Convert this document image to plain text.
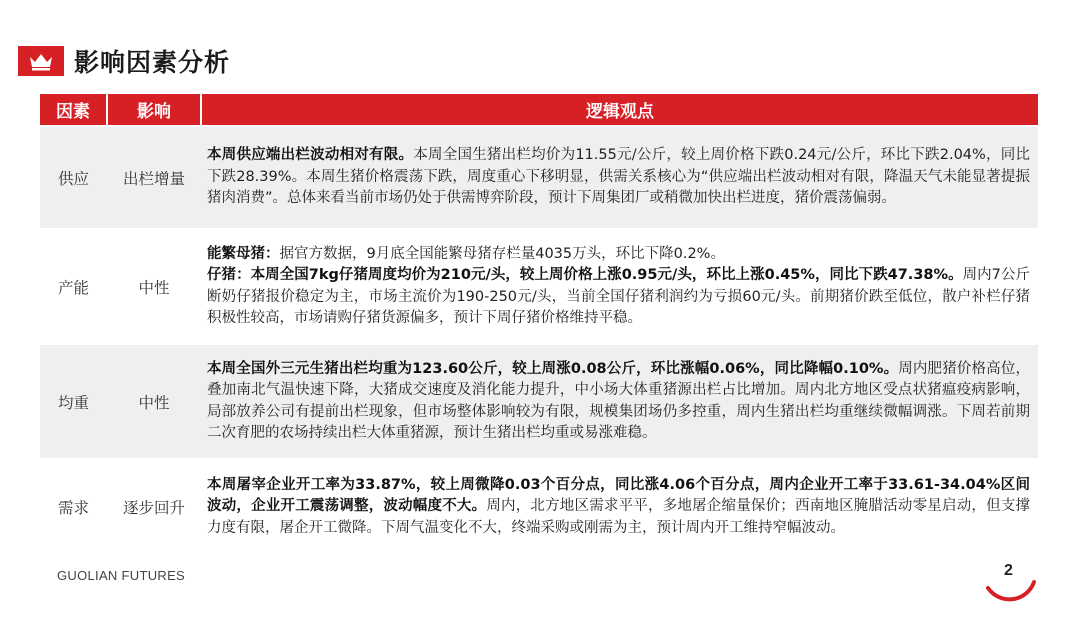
影响因素分析
因素	影响	逻辑观点
供应	出栏增量	本周供应端出栏波动相对有限。本周全国生猪出栏均价为11.55元/公斤，较上周价格下跌0.24元/公斤，环比下跌2.04%，同比下跌28.39%。本周生猪价格震荡下跌，周度重心下移明显，供需关系核心为“供应端出栏波动相对有限，降温天气未能显著提振猪肉消费”。总体来看当前市场仍处于供需博弈阶段，预计下周集团厂或稍微加快出栏进度，猪价震荡偏弱。

产能	中性	能繁母猪：据官方数据，9月底全国能繁母猪存栏量4035万头，环比下降0.2%。

仔猪：本周全国7kg仔猪周度均价为210元/头，较上周价格上涨0.95元/头，环比上涨0.45%，同比下跌47.38%。周内7公斤断奶仔猪报价稳定为主，市场主流价为190-250元/头，当前全国仔猪利润约为亏损60元/头。前期猪价跌至低位，散户补栏仔猪积极性较高，市场请购仔猪货源偏多，预计下周仔猪价格维持平稳。

均重	中性	本周全国外三元生猪出栏均重为123.60公斤，较上周涨0.08公斤，环比涨幅0.06%，同比降幅0.10%。周内肥猪价格高位，叠加南北气温快速下降，大猪成交速度及消化能力提升，中小场大体重猪源出栏占比增加。周内北方地区受点状猪瘟疫病影响，局部放养公司有提前出栏现象，但市场整体影响较为有限，规模集团场仍多控重，周内生猪出栏均重继续微幅调涨。下周若前期二次育肥的农场持续出栏大体重猪源，预计生猪出栏均重或易涨难稳。

需求	逐步回升	本周屠宰企业开工率为33.87%，较上周微降0.03个百分点，同比涨4.06个百分点，周内企业开工率于33.61-34.04%区间波动，企业开工震荡调整，波动幅度不大。周内，北方地区需求平平，多地屠企缩量保价；西南地区腌腊活动零星启动，但支撑力度有限，屠企开工微降。下周气温变化不大，终端采购或刚需为主，预计周内开工维持窄幅波动。

GUOLIAN FUTURES	2
